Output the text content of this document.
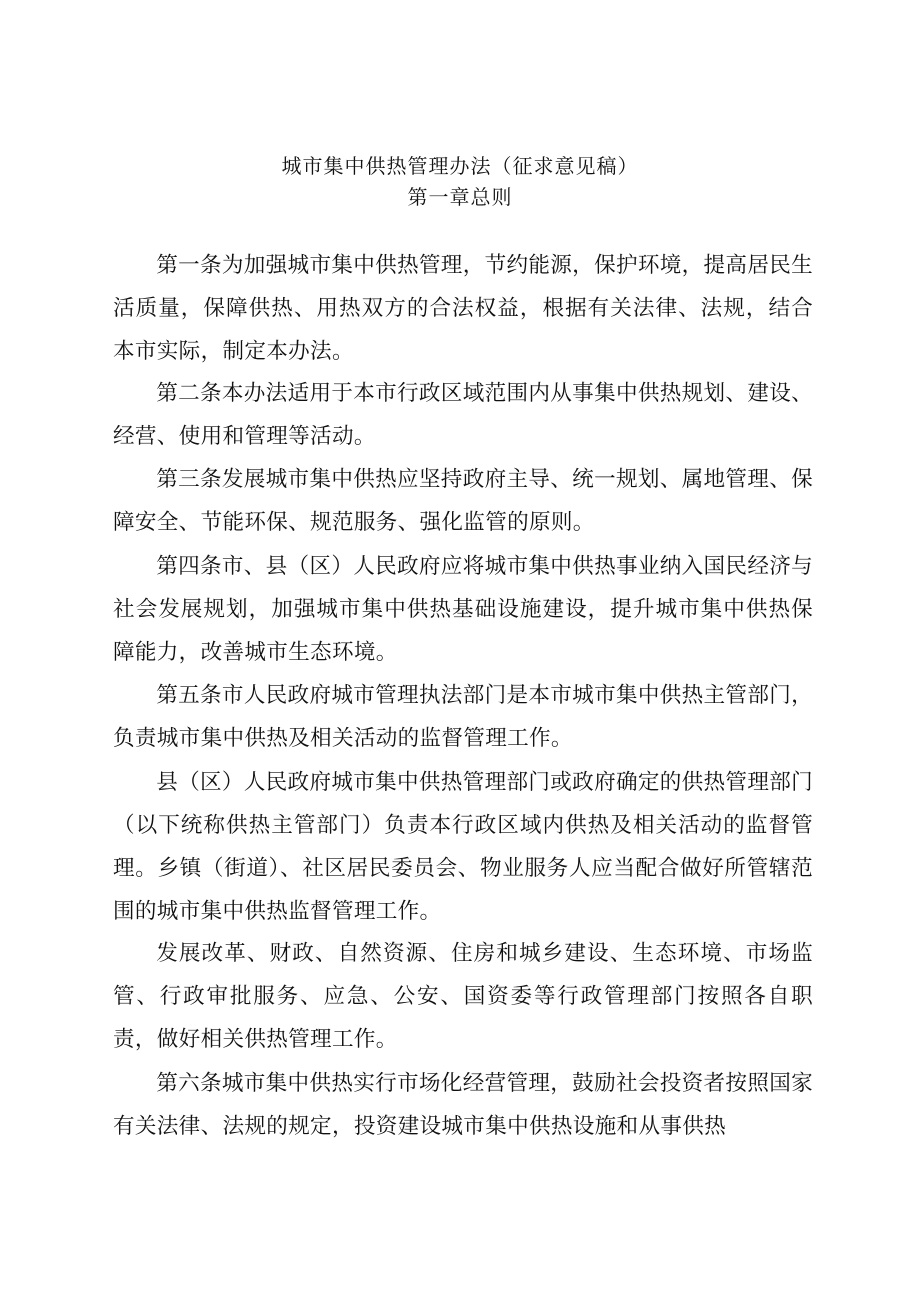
城市集中供热管理办法（征求意见稿）
第一章总则
第一条为加强城市集中供热管理，节约能源，保护环境，提高居民生活质量，保障供热、用热双方的合法权益，根据有关法律、法规，结合本市实际，制定本办法。
第二条本办法适用于本市行政区域范围内从事集中供热规划、建设、经营、使用和管理等活动。
第三条发展城市集中供热应坚持政府主导、统一规划、属地管理、保障安全、节能环保、规范服务、强化监管的原则。
第四条市、县（区）人民政府应将城市集中供热事业纳入国民经济与社会发展规划，加强城市集中供热基础设施建设，提升城市集中供热保障能力，改善城市生态环境。
第五条市人民政府城市管理执法部门是本市城市集中供热主管部门，负责城市集中供热及相关活动的监督管理工作。
县（区）人民政府城市集中供热管理部门或政府确定的供热管理部门（以下统称供热主管部门）负责本行政区域内供热及相关活动的监督管理。乡镇（街道）、社区居民委员会、物业服务人应当配合做好所管辖范围的城市集中供热监督管理工作。
发展改革、财政、自然资源、住房和城乡建设、生态环境、市场监管、行政审批服务、应急、公安、国资委等行政管理部门按照各自职责，做好相关供热管理工作。
第六条城市集中供热实行市场化经营管理，鼓励社会投资者按照国家有关法律、法规的规定，投资建设城市集中供热设施和从事供热
